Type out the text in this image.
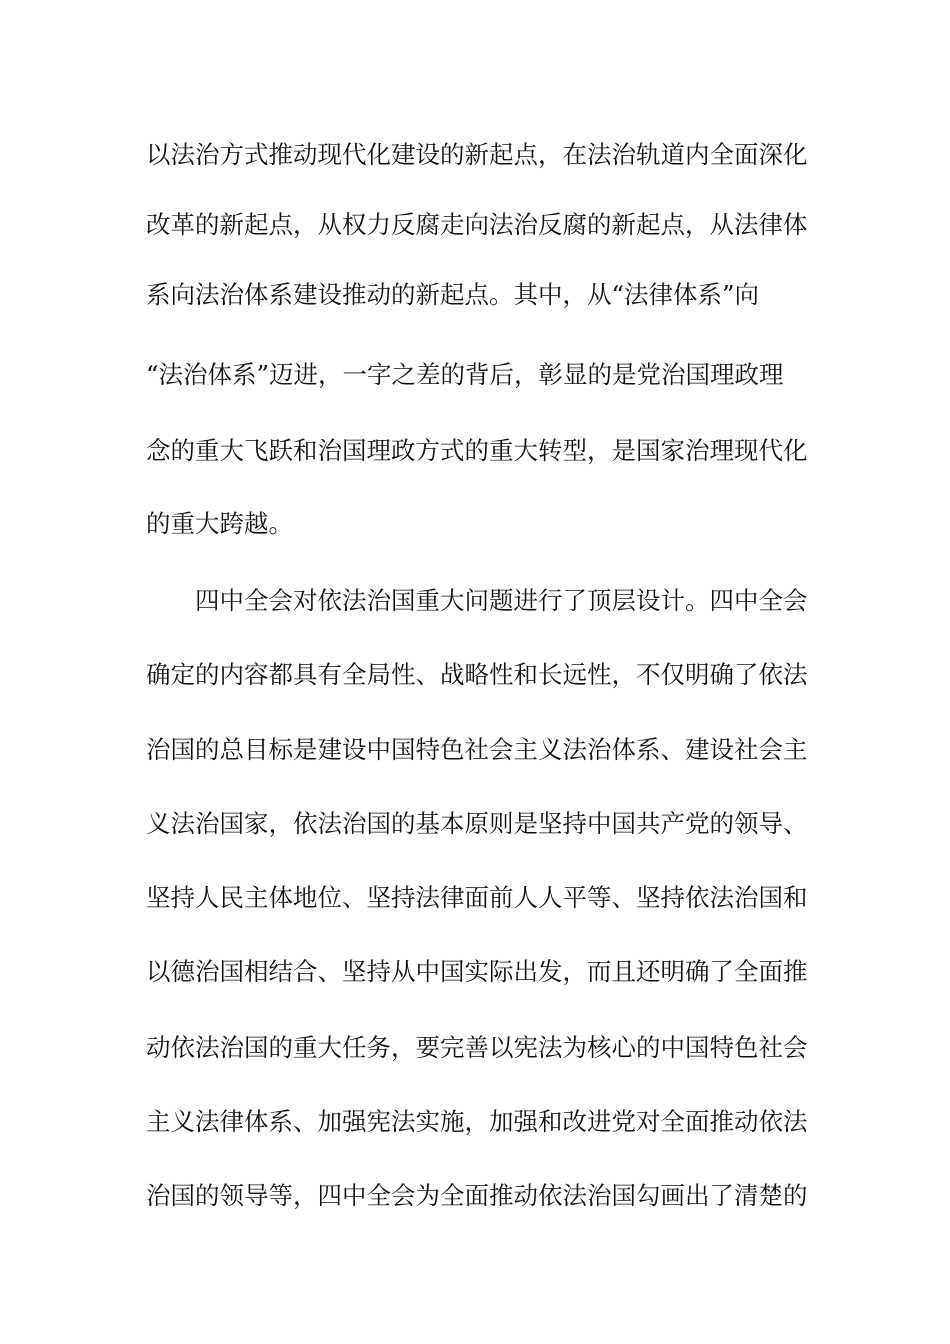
以法治方式推动现代化建设的新起点，在法治轨道内全面深化
改革的新起点，从权力反腐走向法治反腐的新起点，从法律体
系向法治体系建设推动的新起点。其中，从“法律体系”向
“法治体系”迈进，一字之差的背后，彰显的是党治国理政理
念的重大飞跃和治国理政方式的重大转型，是国家治理现代化
的重大跨越。
四中全会对依法治国重大问题进行了顶层设计。四中全会
确定的内容都具有全局性、战略性和长远性，不仅明确了依法
治国的总目标是建设中国特色社会主义法治体系、建设社会主
义法治国家，依法治国的基本原则是坚持中国共产党的领导、
坚持人民主体地位、坚持法律面前人人平等、坚持依法治国和
以德治国相结合、坚持从中国实际出发，而且还明确了全面推
动依法治国的重大任务，要完善以宪法为核心的中国特色社会
主义法律体系、加强宪法实施，加强和改进党对全面推动依法
治国的领导等，四中全会为全面推动依法治国勾画出了清楚的
